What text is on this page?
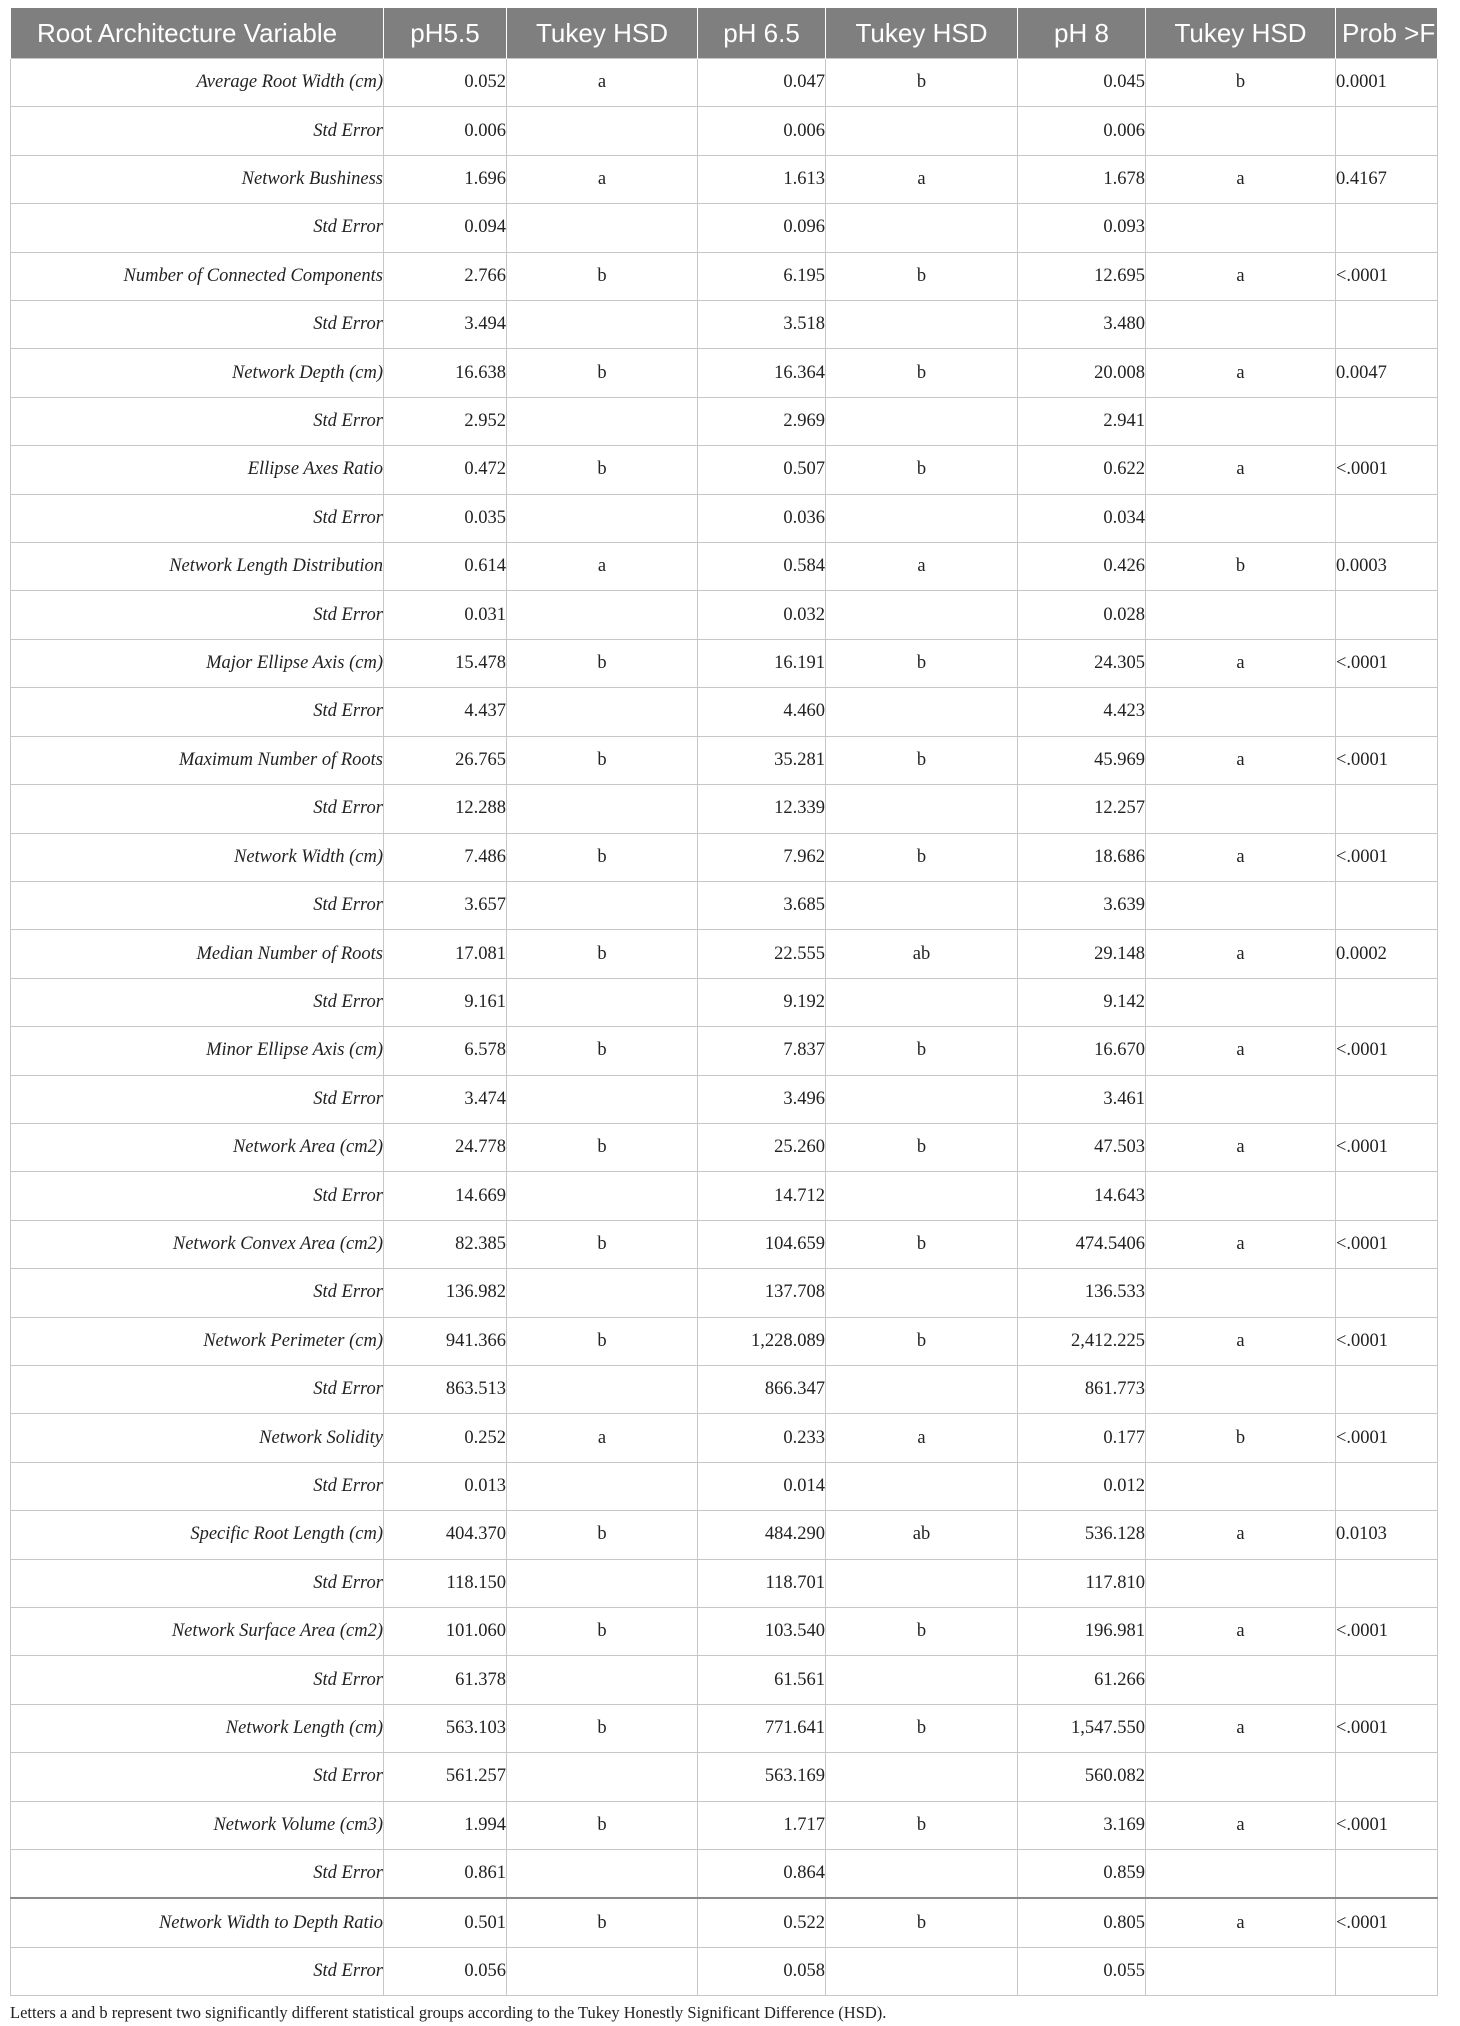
Root Architecture Variable	pH5.5	Tukey HSD	pH 6.5	Tukey HSD	pH 8	Tukey HSD	Prob >F
Average Root Width (cm)	0.052	a	0.047	b	0.045	b	0.0001
Std Error	0.006		0.006		0.006		
Network Bushiness	1.696	a	1.613	a	1.678	a	0.4167
Std Error	0.094		0.096		0.093		
Number of Connected Components	2.766	b	6.195	b	12.695	a	<.0001
Std Error	3.494		3.518		3.480		
Network Depth (cm)	16.638	b	16.364	b	20.008	a	0.0047
Std Error	2.952		2.969		2.941		
Ellipse Axes Ratio	0.472	b	0.507	b	0.622	a	<.0001
Std Error	0.035		0.036		0.034		
Network Length Distribution	0.614	a	0.584	a	0.426	b	0.0003
Std Error	0.031		0.032		0.028		
Major Ellipse Axis (cm)	15.478	b	16.191	b	24.305	a	<.0001
Std Error	4.437		4.460		4.423		
Maximum Number of Roots	26.765	b	35.281	b	45.969	a	<.0001
Std Error	12.288		12.339		12.257		
Network Width (cm)	7.486	b	7.962	b	18.686	a	<.0001
Std Error	3.657		3.685		3.639		
Median Number of Roots	17.081	b	22.555	ab	29.148	a	0.0002
Std Error	9.161		9.192		9.142		
Minor Ellipse Axis (cm)	6.578	b	7.837	b	16.670	a	<.0001
Std Error	3.474		3.496		3.461		
Network Area (cm2)	24.778	b	25.260	b	47.503	a	<.0001
Std Error	14.669		14.712		14.643		
Network Convex Area (cm2)	82.385	b	104.659	b	474.5406	a	<.0001
Std Error	136.982		137.708		136.533		
Network Perimeter (cm)	941.366	b	1,228.089	b	2,412.225	a	<.0001
Std Error	863.513		866.347		861.773		
Network Solidity	0.252	a	0.233	a	0.177	b	<.0001
Std Error	0.013		0.014		0.012		
Specific Root Length (cm)	404.370	b	484.290	ab	536.128	a	0.0103
Std Error	118.150		118.701		117.810		
Network Surface Area (cm2)	101.060	b	103.540	b	196.981	a	<.0001
Std Error	61.378		61.561		61.266		
Network Length (cm)	563.103	b	771.641	b	1,547.550	a	<.0001
Std Error	561.257		563.169		560.082		
Network Volume (cm3)	1.994	b	1.717	b	3.169	a	<.0001
Std Error	0.861		0.864		0.859		
Network Width to Depth Ratio	0.501	b	0.522	b	0.805	a	<.0001
Std Error	0.056		0.058		0.055		
Letters a and b represent two significantly different statistical groups according to the Tukey Honestly Significant Difference (HSD).
